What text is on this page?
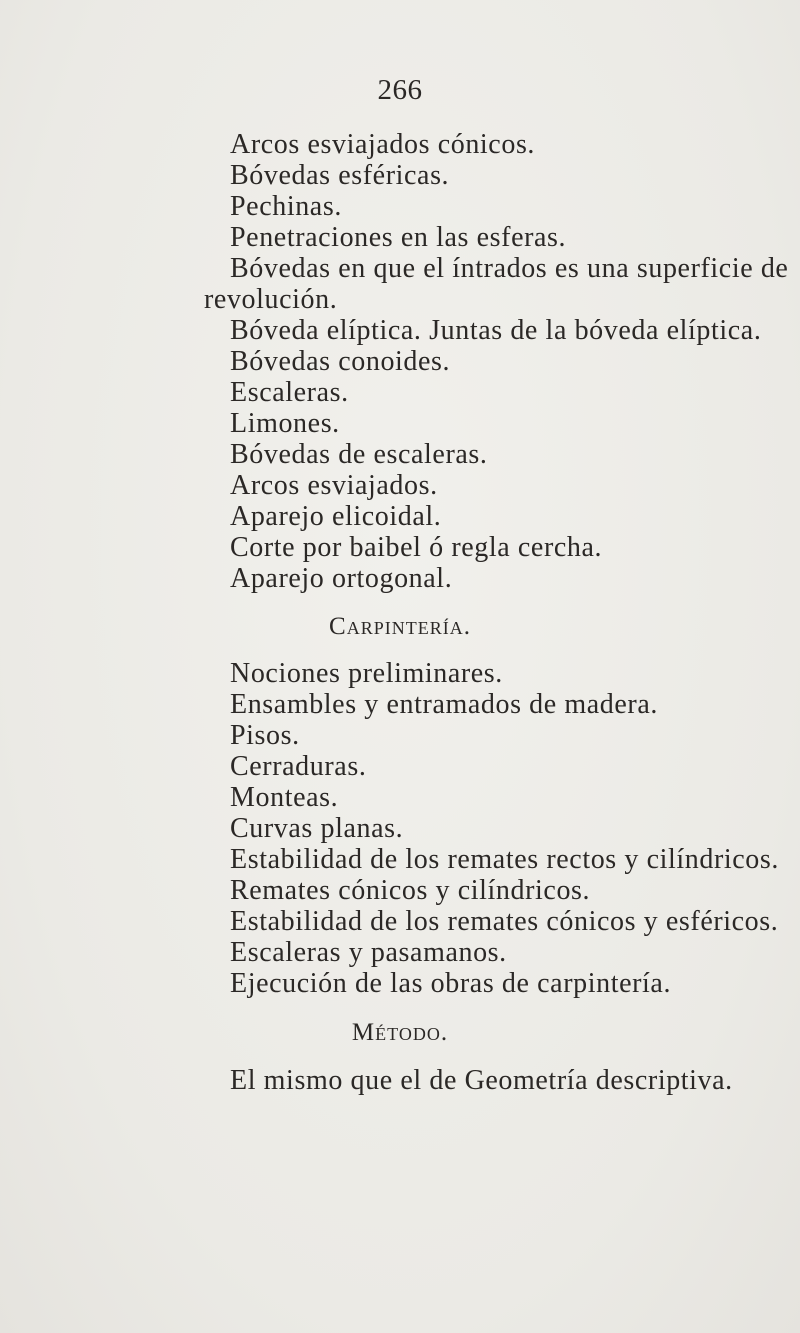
266
Arcos esviajados cónicos.
Bóvedas esféricas.
Pechinas.
Penetraciones en las esferas.
Bóvedas en que el íntrados es una superficie de
revolución.
Bóveda elíptica. Juntas de la bóveda elíptica.
Bóvedas conoides.
Escaleras.
Limones.
Bóvedas de escaleras.
Arcos esviajados.
Aparejo elicoidal.
Corte por baibel ó regla cercha.
Aparejo ortogonal.
Carpintería.
Nociones preliminares.
Ensambles y entramados de madera.
Pisos.
Cerraduras.
Monteas.
Curvas planas.
Estabilidad de los remates rectos y cilíndricos.
Remates cónicos y cilíndricos.
Estabilidad de los remates cónicos y esféricos.
Escaleras y pasamanos.
Ejecución de las obras de carpintería.
Método.
El mismo que el de Geometría descriptiva.
